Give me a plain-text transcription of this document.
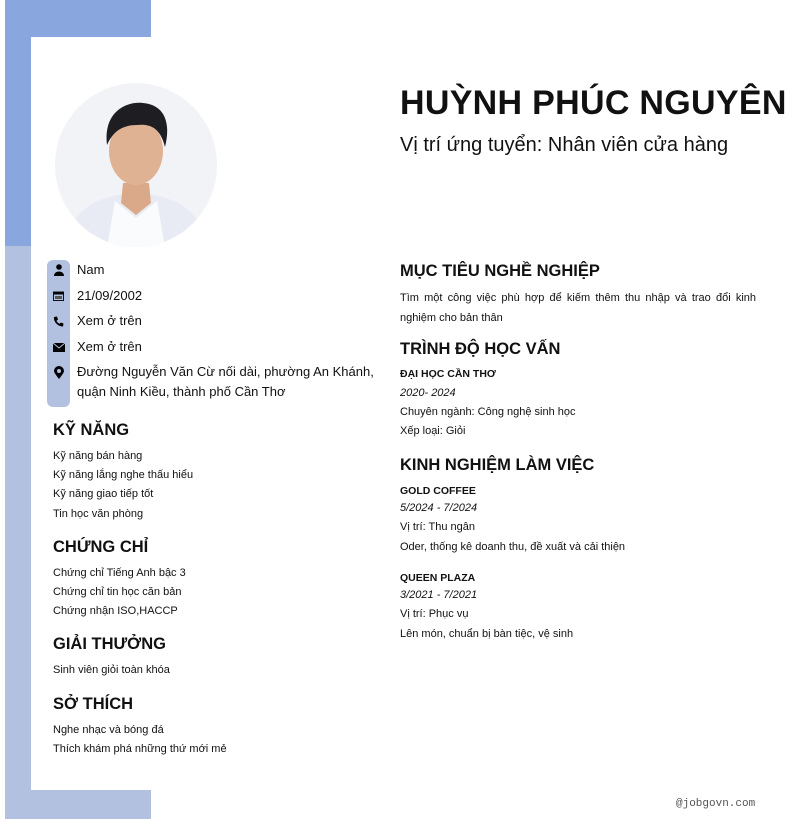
HUỲNH PHÚC NGUYÊN
Vị trí ứng tuyển: Nhân viên cửa hàng
Nam
21/09/2002
Xem ở trên
Xem ở trên
Đường Nguyễn Văn Cừ nối dài, phường An Khánh,
quận Ninh Kiều, thành phố Cần Thơ
KỸ NĂNG
Kỹ năng bán hàng
Kỹ năng lắng nghe thấu hiểu
Kỹ năng giao tiếp tốt
Tin học văn phòng
CHỨNG CHỈ
Chứng chỉ Tiếng Anh bậc 3
Chứng chỉ tin học căn bản
Chứng nhận ISO,HACCP
GIẢI THƯỞNG
Sinh viên giỏi toàn khóa
SỞ THÍCH
Nghe nhạc và bóng đá
Thích khám phá những thứ mới mẻ
MỤC TIÊU NGHỀ NGHIỆP
Tìm một công việc phù hợp để kiếm thêm thu nhập và trao đổi kinh nghiệm cho bản thân
TRÌNH ĐỘ HỌC VẤN
ĐẠI HỌC CẦN THƠ
2020- 2024
Chuyên ngành: Công nghệ sinh học
Xếp loại: Giỏi
KINH NGHIỆM LÀM VIỆC
GOLD COFFEE
5/2024 - 7/2024
Vị trí: Thu ngân
Oder, thống kê doanh thu, đề xuất và cải thiện
QUEEN PLAZA
3/2021 - 7/2021
Vị trí: Phục vụ
Lên món, chuẩn bị bàn tiệc, vệ sinh
@jobgovn.com
